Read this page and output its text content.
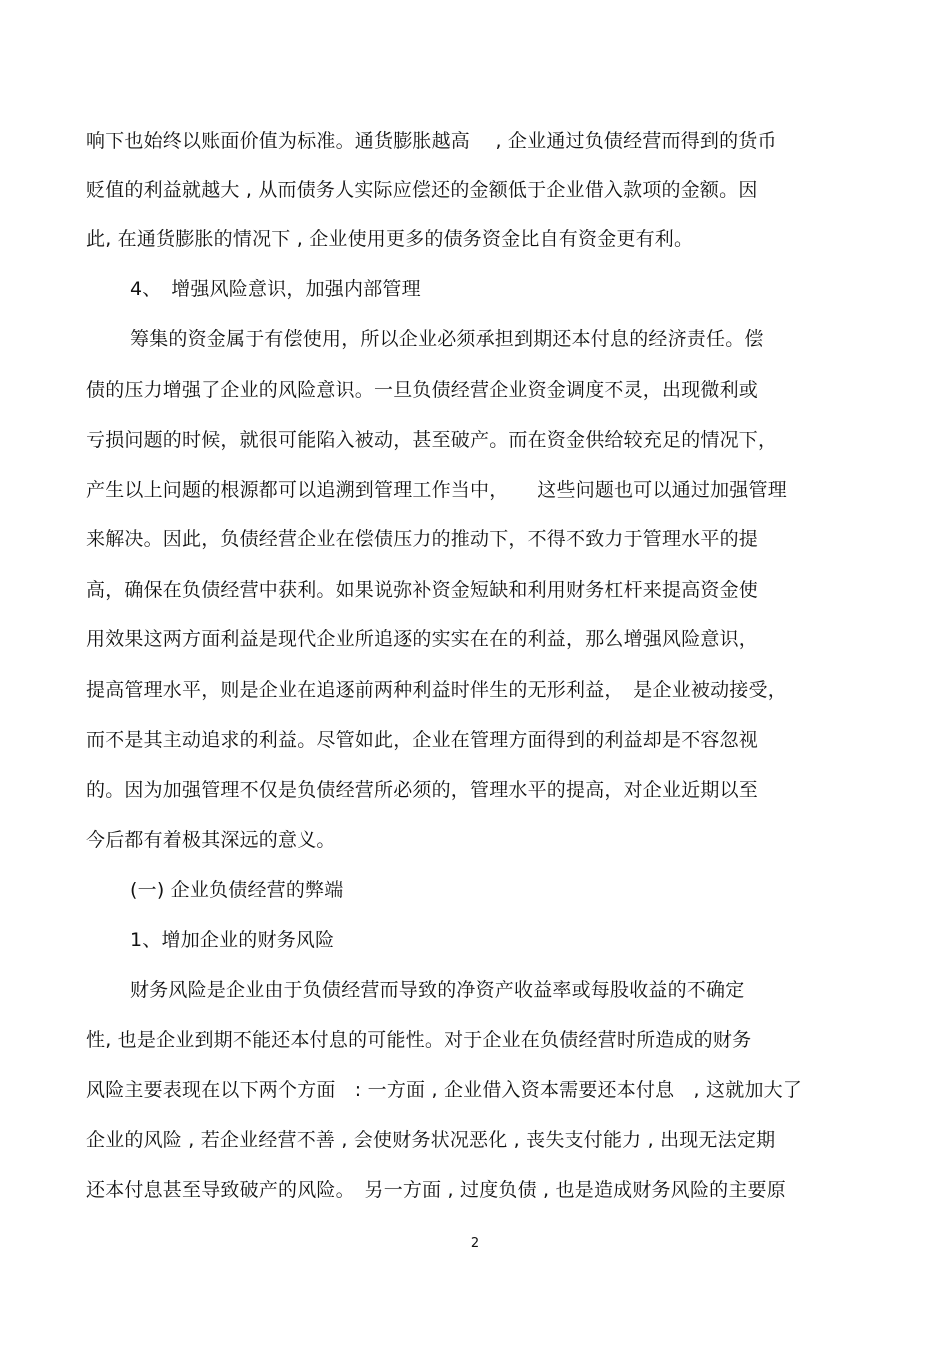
响下也始终以账面价值为标准。通货膨胀越高　 , 企业通过负债经营而得到的货币
贬值的利益就越大 , 从而债务人实际应偿还的金额低于企业借入款项的金额。因
此, 在通货膨胀的情况下 , 企业使用更多的债务资金比自有资金更有利。
4、　增强风险意识，加强内部管理
筹集的资金属于有偿使用，所以企业必须承担到期还本付息的经济责任。偿
债的压力增强了企业的风险意识。一旦负债经营企业资金调度不灵，出现微利或
亏损问题的时候，就很可能陷入被动，甚至破产。而在资金供给较充足的情况下，
产生以上问题的根源都可以追溯到管理工作当中，　　这些问题也可以通过加强管理
来解决。因此，负债经营企业在偿债压力的推动下，不得不致力于管理水平的提
高，确保在负债经营中获利。如果说弥补资金短缺和利用财务杠杆来提高资金使
用效果这两方面利益是现代企业所追逐的实实在在的利益，那么增强风险意识，
提高管理水平，则是企业在追逐前两种利益时伴生的无形利益，　是企业被动接受，
而不是其主动追求的利益。尽管如此，企业在管理方面得到的利益却是不容忽视
的。因为加强管理不仅是负债经营所必须的，管理水平的提高，对企业近期以至
今后都有着极其深远的意义。
(一) 企业负债经营的弊端
1、增加企业的财务风险
财务风险是企业由于负债经营而导致的净资产收益率或每股收益的不确定
性, 也是企业到期不能还本付息的可能性。对于企业在负债经营时所造成的财务
风险主要表现在以下两个方面　: 一方面 , 企业借入资本需要还本付息　, 这就加大了
企业的风险 , 若企业经营不善 , 会使财务状况恶化 , 丧失支付能力 , 出现无法定期
还本付息甚至导致破产的风险。　另一方面 , 过度负债 , 也是造成财务风险的主要原
2
